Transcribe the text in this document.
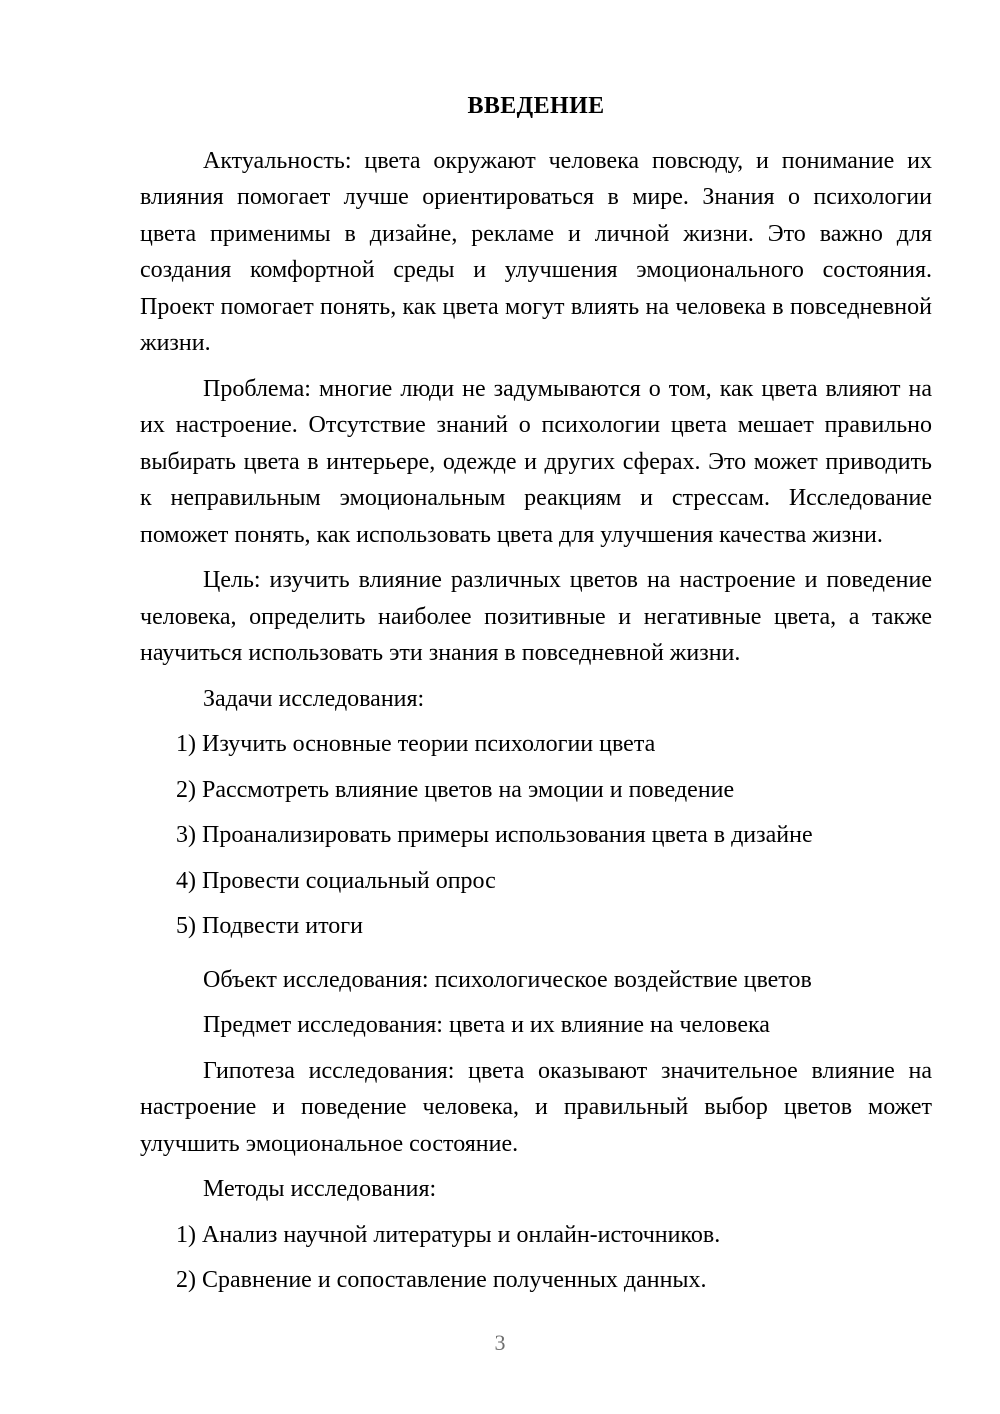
ВВЕДЕНИЕ

Актуальность: цвета окружают человека повсюду, и понимание их влияния помогает лучше ориентироваться в мире. Знания о психологии цвета применимы в дизайне, рекламе и личной жизни. Это важно для создания комфортной среды и улучшения эмоционального состояния. Проект помогает понять, как цвета могут влиять на человека в повседневной жизни.

Проблема: многие люди не задумываются о том, как цвета влияют на их настроение. Отсутствие знаний о психологии цвета мешает правильно выбирать цвета в интерьере, одежде и других сферах. Это может приводить к неправильным эмоциональным реакциям и стрессам. Исследование поможет понять, как использовать цвета для улучшения качества жизни.

Цель: изучить влияние различных цветов на настроение и поведение человека, определить наиболее позитивные и негативные цвета, а также научиться использовать эти знания в повседневной жизни.

Задачи исследования:

1) Изучить основные теории психологии цвета
2) Рассмотреть влияние цветов на эмоции и поведение
3) Проанализировать примеры использования цвета в дизайне
4) Провести социальный опрос
5) Подвести итоги

Объект исследования: психологическое воздействие цветов

Предмет исследования: цвета и их влияние на человека

Гипотеза исследования: цвета оказывают значительное влияние на настроение и поведение человека, и правильный выбор цветов может улучшить эмоциональное состояние.

Методы исследования:

1) Анализ научной литературы и онлайн-источников.
2) Сравнение и сопоставление полученных данных.
3
